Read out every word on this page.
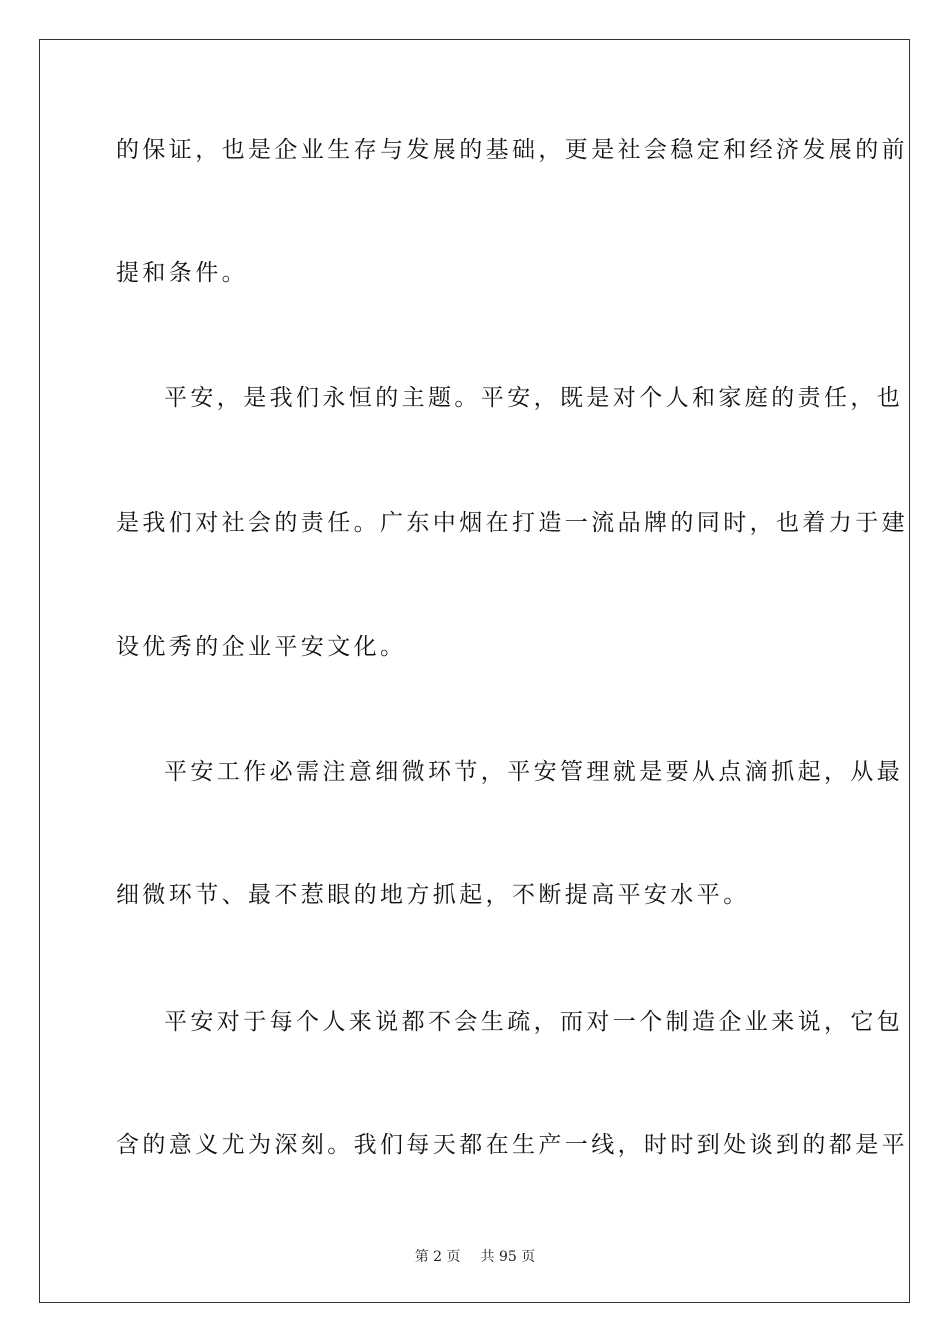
的保证，也是企业生存与发展的基础，更是社会稳定和经济发展的前
提和条件。
平安，是我们永恒的主题。平安，既是对个人和家庭的责任，也
是我们对社会的责任。广东中烟在打造一流品牌的同时，也着力于建
设优秀的企业平安文化。
平安工作必需注意细微环节，平安管理就是要从点滴抓起，从最
细微环节、最不惹眼的地方抓起，不断提高平安水平。
平安对于每个人来说都不会生疏，而对一个制造企业来说，它包
含的意义尤为深刻。我们每天都在生产一线，时时到处谈到的都是平
第 2 页 共 95 页
